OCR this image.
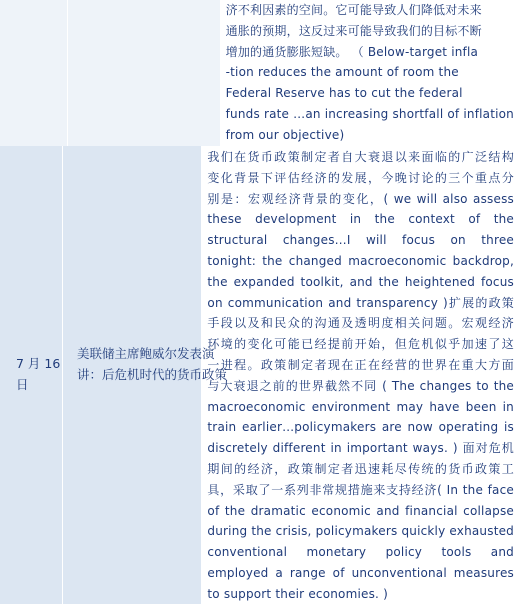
济不利因素的空间。它可能导致人们降低对未来
通胀的预期，这反过来可能导致我们的目标不断
增加的通货膨胀短缺。 （ Below-target infla
-tion reduces the amount of room the
Federal Reserve has to cut the federal
funds rate …an increasing shortfall of inflation
from our objective)
我们在货币政策制定者自大衰退以来面临的广泛结构
变化背景下评估经济的发展，今晚讨论的三个重点分
别是：宏观经济背景的变化，( we will also assess
these development in the context of the
structural changes…I will focus on three
tonight: the changed macroeconomic backdrop,
the expanded toolkit, and the heightened focus
on communication and transparency )扩展的政策
手段以及和民众的沟通及透明度相关问题。宏观经济
环境的变化可能已经提前开始，但危机似乎加速了这
一进程。政策制定者现在正在经营的世界在重大方面
与大衰退之前的世界截然不同 ( The changes to the
macroeconomic environment may have been in
train earlier…policymakers are now operating is
discretely different in important ways. ) 面对危机
期间的经济，政策制定者迅速耗尽传统的货币政策工
具，采取了一系列非常规措施来支持经济( In the face
of the dramatic economic and financial collapse
during the crisis, policymakers quickly exhausted
conventional monetary policy tools and
employed a range of unconventional measures
to support their economies. )
7 月 16 日
美联储主席鲍威尔发表演讲：后危机时代的货币政策
